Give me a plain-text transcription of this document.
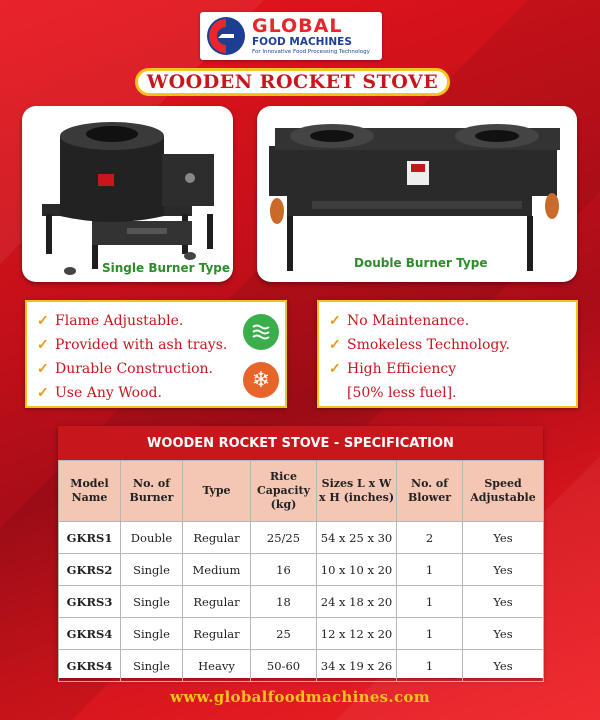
GLOBAL
FOOD MACHINES
For Innovative Food Processing Technology
WOODEN ROCKET STOVE
Single Burner Type	Double Burner Type
✓ Flame Adjustable.
✓ Provided with ash trays.
✓ Durable Construction.
✓ Use Any Wood.
❄
✓ No Maintenance.
✓ Smokeless Technology.
✓ High Efficiency
[50% less fuel].
WOODEN ROCKET STOVE - SPECIFICATION
Model Name	No. of Burner	Type	Rice Capacity (kg)	Sizes L x W x H (inches)	No. of Blower	Speed Adjustable
GKRS1	Double	Regular	25/25	54 x 25 x 30	2	Yes
GKRS2	Single	Medium	16	10 x 10 x 20	1	Yes
GKRS3	Single	Regular	18	24 x 18 x 20	1	Yes
GKRS4	Single	Regular	25	12 x 12 x 20	1	Yes
GKRS4	Single	Heavy	50-60	34 x 19 x 26	1	Yes
www.globalfoodmachines.com
